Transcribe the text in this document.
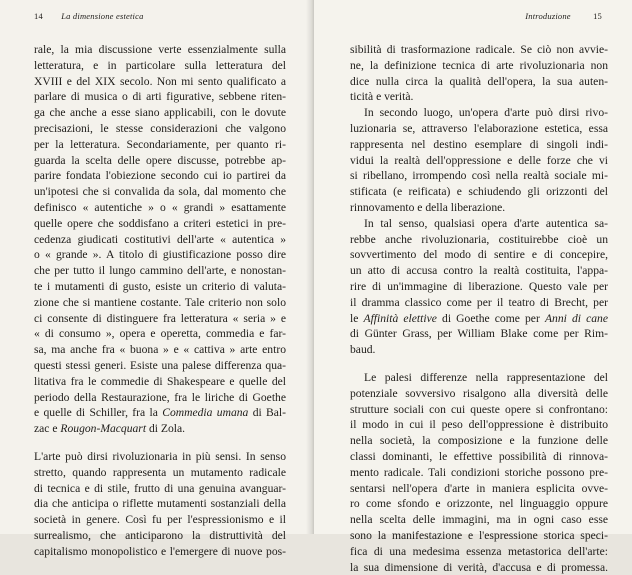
14 La dimensione estetica

rale, la mia discussione verte essenzialmente sulla
letteratura, e in particolare sulla letteratura del
XVIII e del XIX secolo. Non mi sento qualificato a
parlare di musica o di arti figurative, sebbene riten-
ga che anche a esse siano applicabili, con le dovute
precisazioni, le stesse considerazioni che valgono
per la letteratura. Secondariamente, per quanto ri-
guarda la scelta delle opere discusse, potrebbe ap-
parire fondata l'obiezione secondo cui io partirei da
un'ipotesi che si convalida da sola, dal momento che
definisco « autentiche » o « grandi » esattamente
quelle opere che soddisfano a criteri estetici in pre-
cedenza giudicati costitutivi dell'arte « autentica »
o « grande ». A titolo di giustificazione posso dire
che per tutto il lungo cammino dell'arte, e nonostan-
te i mutamenti di gusto, esiste un criterio di valuta-
zione che si mantiene costante. Tale criterio non solo
ci consente di distinguere fra letteratura « seria » e
« di consumo », opera e operetta, commedia e far-
sa, ma anche fra « buona » e « cattiva » arte entro
questi stessi generi. Esiste una palese differenza qua-
litativa fra le commedie di Shakespeare e quelle del
periodo della Restaurazione, fra le liriche di Goethe
e quelle di Schiller, fra la Commedia umana di Bal-
zac e Rougon-Macquart di Zola.

L'arte può dirsi rivoluzionaria in più sensi. In senso
stretto, quando rappresenta un mutamento radicale
di tecnica e di stile, frutto di una genuina avanguar-
dia che anticipa o riflette mutamenti sostanziali della
società in genere. Così fu per l'espressionismo e il
surrealismo, che anticiparono la distruttività del
capitalismo monopolistico e l'emergere di nuove pos-

Introduzione	15

sibilità di trasformazione radicale. Se ciò non avvie-
ne, la definizione tecnica di arte rivoluzionaria non
dice nulla circa la qualità dell'opera, la sua auten-
ticità e verità.

In secondo luogo, un'opera d'arte può dirsi rivo-
luzionaria se, attraverso l'elaborazione estetica, essa
rappresenta nel destino esemplare di singoli indi-
vidui la realtà dell'oppressione e delle forze che vi
si ribellano, irrompendo così nella realtà sociale mi-
stificata (e reificata) e schiudendo gli orizzonti del
rinnovamento e della liberazione.

In tal senso, qualsiasi opera d'arte autentica sa-
rebbe anche rivoluzionaria, costituirebbe cioè un
sovvertimento del modo di sentire e di concepire,
un atto di accusa contro la realtà costituita, l'appa-
rire di un'immagine di liberazione. Questo vale per
il dramma classico come per il teatro di Brecht, per
le Affinità elettive di Goethe come per Anni di cane
di Günter Grass, per William Blake come per Rim-
baud.

Le palesi differenze nella rappresentazione del
potenziale sovversivo risalgono alla diversità delle
strutture sociali con cui queste opere si confrontano:
il modo in cui il peso dell'oppressione è distribuito
nella società, la composizione e la funzione delle
classi dominanti, le effettive possibilità di rinnova-
mento radicale. Tali condizioni storiche possono pre-
sentarsi nell'opera d'arte in maniera esplicita ovve-
ro come sfondo e orizzonte, nel linguaggio oppure
nella scelta delle immagini, ma in ogni caso esse
sono la manifestazione e l'espressione storica speci-
fica di una medesima essenza metastorica dell'arte:
la sua dimensione di verità, d'accusa e di promessa.
